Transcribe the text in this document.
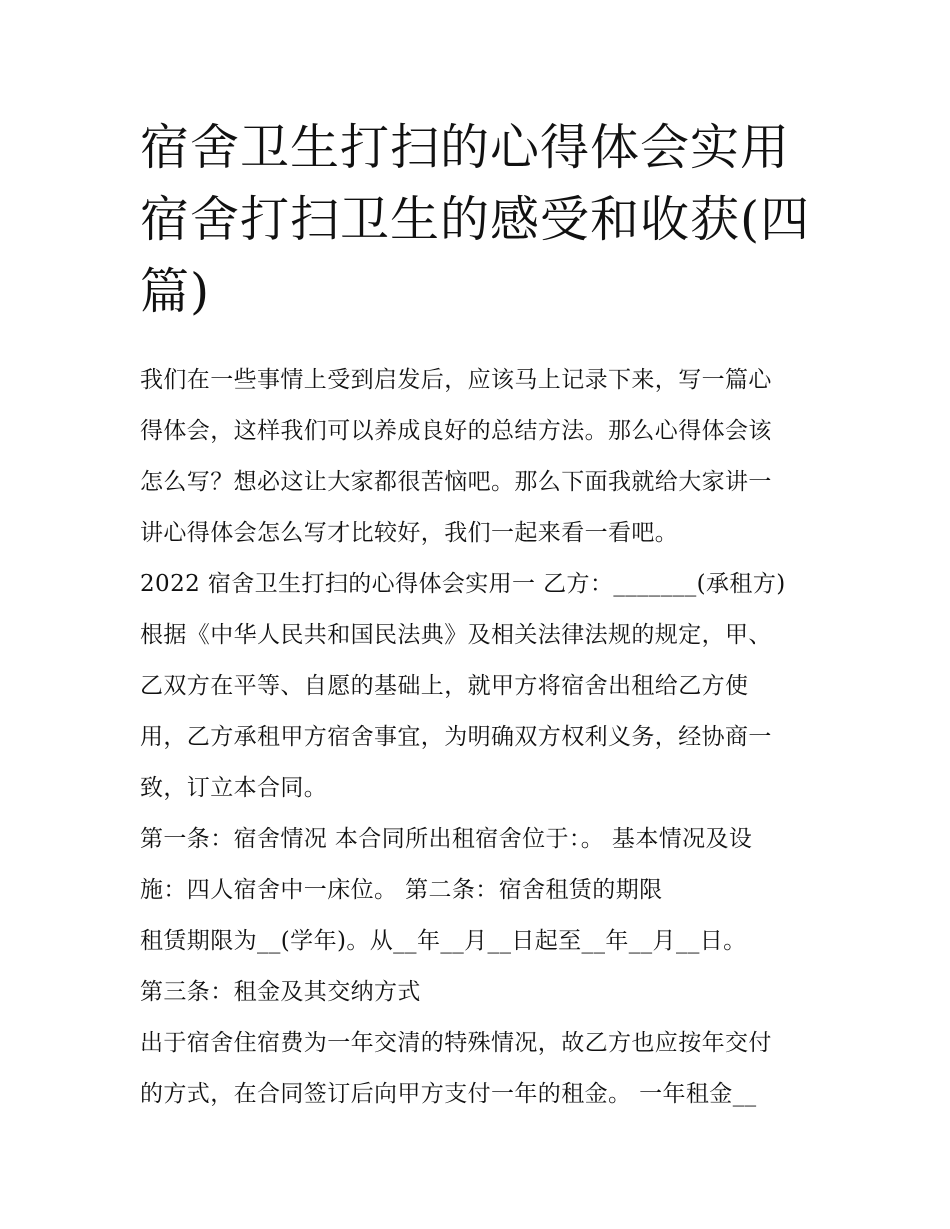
宿舍卫生打扫的心得体会实用
宿舍打扫卫生的感受和收获(四
篇)
我们在一些事情上受到启发后，应该马上记录下来，写一篇心
得体会，这样我们可以养成良好的总结方法。那么心得体会该
怎么写？想必这让大家都很苦恼吧。那么下面我就给大家讲一
讲心得体会怎么写才比较好，我们一起来看一看吧。
2022 宿舍卫生打扫的心得体会实用一 乙方：_______(承租方)
根据《中华人民共和国民法典》及相关法律法规的规定，甲、
乙双方在平等、自愿的基础上，就甲方将宿舍出租给乙方使
用，乙方承租甲方宿舍事宜，为明确双方权利义务，经协商一
致，订立本合同。
第一条：宿舍情况 本合同所出租宿舍位于：。 基本情况及设
施：四人宿舍中一床位。 第二条：宿舍租赁的期限
租赁期限为__(学年)。从__年__月__日起至__年__月__日。
第三条：租金及其交纳方式
出于宿舍住宿费为一年交清的特殊情况，故乙方也应按年交付
的方式，在合同签订后向甲方支付一年的租金。 一年租金__
